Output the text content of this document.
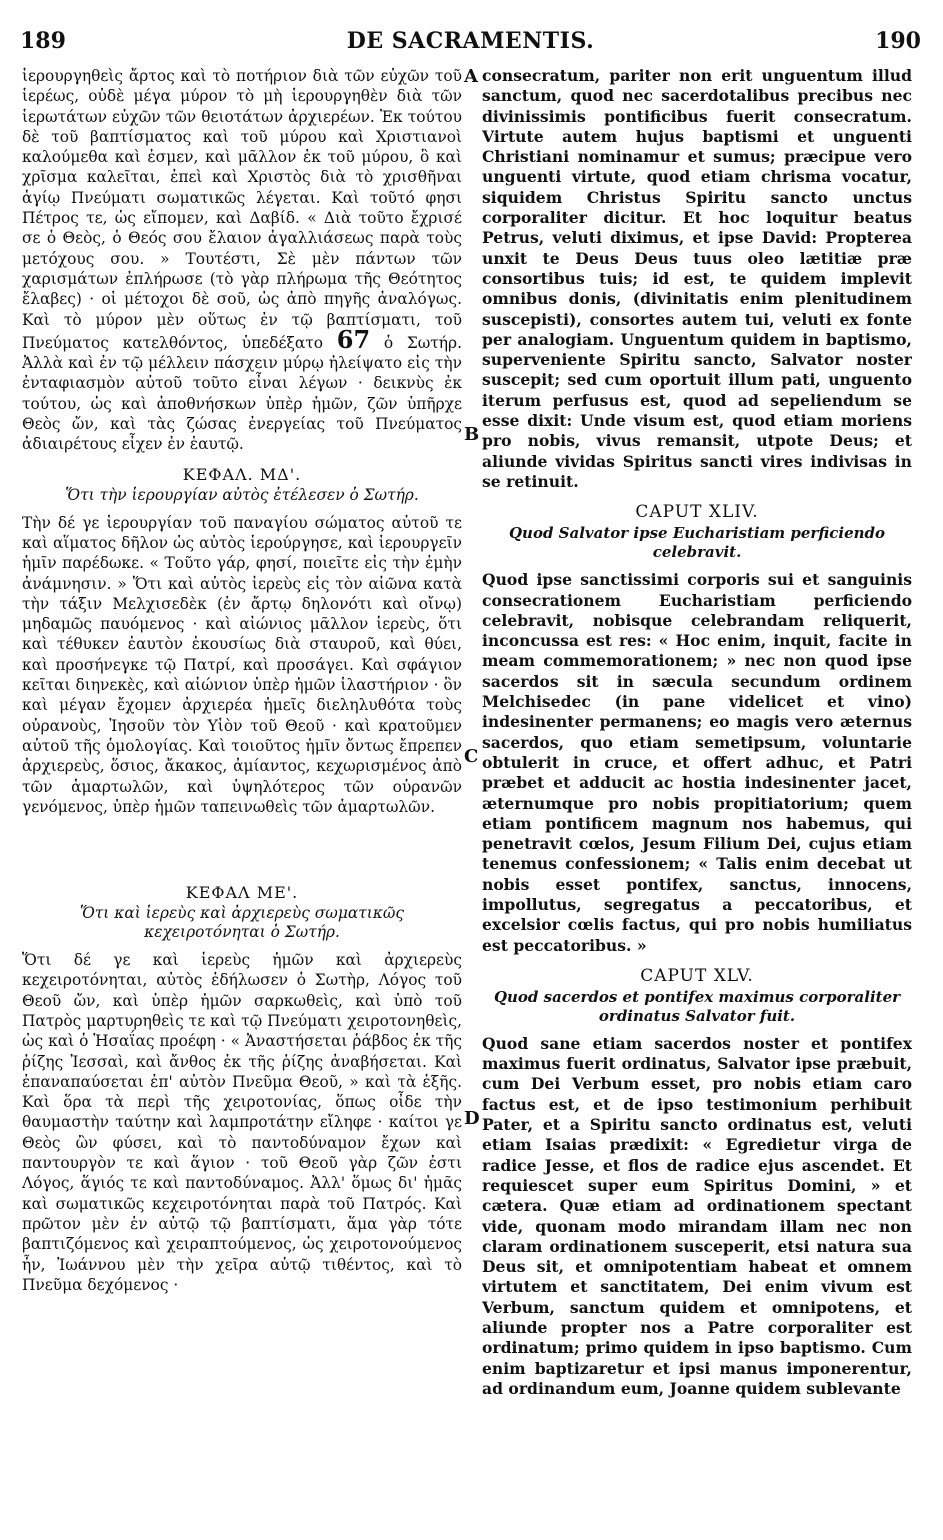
189	DE SACRAMENTIS.	190
A
B
C
D

ἱερουργηθεὶς ἄρτος καὶ τὸ ποτήριον διὰ τῶν εὐχῶν τοῦ ἱερέως, οὐδὲ μέγα μύρον τὸ μὴ ἱερουργηθὲν διὰ τῶν ἱερωτάτων εὐχῶν τῶν θειοτάτων ἀρχιερέων. Ἐκ τούτου δὲ τοῦ βαπτίσματος καὶ τοῦ μύρου καὶ Χριστιανοὶ καλούμεθα καὶ ἐσμεν, καὶ μᾶλλον ἐκ τοῦ μύρου, ὃ καὶ χρῖσμα καλεῖται, ἐπεὶ καὶ Χριστὸς διὰ τὸ χρισθῆναι ἁγίῳ Πνεύματι σωματικῶς λέγεται. Καὶ τοῦτό φησι Πέτρος τε, ὡς εἴπομεν, καὶ Δαβίδ. « Διὰ τοῦτο ἔχρισέ σε ὁ Θεὸς, ὁ Θεός σου ἔλαιον ἀγαλλιάσεως παρὰ τοὺς μετόχους σου. » Τουτέστι, Σὲ μὲν πάντων τῶν χαρισμάτων ἐπλήρωσε (τὸ γὰρ πλήρωμα τῆς Θεότητος ἔλαβες) · οἱ μέτοχοι δὲ σοῦ, ὡς ἀπὸ πηγῆς ἀναλόγως. Καὶ τὸ μύρον μὲν οὕτως ἐν τῷ βαπτίσματι, τοῦ Πνεύματος κατελθόντος, ὑπεδέξατο 67 ὁ Σωτήρ. Ἀλλὰ καὶ ἐν τῷ μέλλειν πάσχειν μύρῳ ἠλείψατο εἰς τὴν ἐνταφιασμὸν αὐτοῦ τοῦτο εἶναι λέγων · δεικνὺς ἐκ τούτου, ὡς καὶ ἀποθνήσκων ὑπὲρ ἡμῶν, ζῶν ὑπῆρχε Θεὸς ὤν, καὶ τὰς ζώσας ἐνεργείας τοῦ Πνεύματος ἀδιαιρέτους εἶχεν ἐν ἑαυτῷ.

ΚΕΦΑΛ. ΜΔ'.
Ὅτι τὴν ἱερουργίαν αὐτὸς ἐτέλεσεν ὁ Σωτήρ.

Τὴν δέ γε ἱερουργίαν τοῦ παναγίου σώματος αὐτοῦ τε καὶ αἵματος δῆλον ὡς αὐτὸς ἱερούργησε, καὶ ἱερουργεῖν ἡμῖν παρέδωκε. « Τοῦτο γάρ, φησί, ποιεῖτε εἰς τὴν ἐμὴν ἀνάμνησιν. » Ὅτι καὶ αὐτὸς ἱερεὺς εἰς τὸν αἰῶνα κατὰ τὴν τάξιν Μελχισεδὲκ (ἐν ἄρτῳ δηλονότι καὶ οἴνῳ) μηδαμῶς παυόμενος · καὶ αἰώνιος μᾶλλον ἱερεὺς, ὅτι καὶ τέθυκεν ἑαυτὸν ἑκουσίως διὰ σταυροῦ, καὶ θύει, καὶ προσήνεγκε τῷ Πατρί, καὶ προσάγει. Καὶ σφάγιον κεῖται διηνεκὲς, καὶ αἰώνιον ὑπὲρ ἡμῶν ἱλαστήριον · ὃν καὶ μέγαν ἔχομεν ἀρχιερέα ἡμεῖς διεληλυθότα τοὺς οὐρανοὺς, Ἰησοῦν τὸν Υἱὸν τοῦ Θεοῦ · καὶ κρατοῦμεν αὐτοῦ τῆς ὁμολογίας. Καὶ τοιοῦτος ἡμῖν ὄντως ἔπρεπεν ἀρχιερεὺς, ὅσιος, ἄκακος, ἀμίαντος, κεχωρισμένος ἀπὸ τῶν ἁμαρτωλῶν, καὶ ὑψηλότερος τῶν οὐρανῶν γενόμενος, ὑπὲρ ἡμῶν ταπεινωθεὶς τῶν ἁμαρτωλῶν.

ΚΕΦΑΛ ΜΕ'.
Ὅτι καὶ ἱερεὺς καὶ ἀρχιερεὺς σωματικῶς κεχειροτόνηται ὁ Σωτήρ.

Ὅτι δέ γε καὶ ἱερεὺς ἡμῶν καὶ ἀρχιερεὺς κεχειροτόνηται, αὐτὸς ἐδήλωσεν ὁ Σωτὴρ, Λόγος τοῦ Θεοῦ ὤν, καὶ ὑπὲρ ἡμῶν σαρκωθεὶς, καὶ ὑπὸ τοῦ Πατρὸς μαρτυρηθεὶς τε καὶ τῷ Πνεύματι χειροτονηθεὶς, ὡς καὶ ὁ Ἡσαΐας προέφη · « Ἀναστήσεται ῥάβδος ἐκ τῆς ῥίζης Ἰεσσαὶ, καὶ ἄνθος ἐκ τῆς ῥίζης ἀναβήσεται. Καὶ ἐπαναπαύσεται ἐπ' αὐτὸν Πνεῦμα Θεοῦ, » καὶ τὰ ἑξῆς. Καὶ ὅρα τὰ περὶ τῆς χειροτονίας, ὅπως οἶδε τὴν θαυμαστὴν ταύτην καὶ λαμπροτάτην εἴληφε · καίτοι γε Θεὸς ὢν φύσει, καὶ τὸ παντοδύναμον ἔχων καὶ παντουργὸν τε καὶ ἅγιον · τοῦ Θεοῦ γὰρ ζῶν ἐστι Λόγος, ἅγιός τε καὶ παντοδύναμος. Ἀλλ' ὅμως δι' ἡμᾶς καὶ σωματικῶς κεχειροτόνηται παρὰ τοῦ Πατρός. Καὶ πρῶτον μὲν ἐν αὐτῷ τῷ βαπτίσματι, ἅμα γὰρ τότε βαπτιζόμενος καὶ χειραπτούμενος, ὡς χειροτονούμενος ἦν, Ἰωάννου μὲν τὴν χεῖρα αὐτῷ τιθέντος, καὶ τὸ Πνεῦμα δεχόμενος ·

consecratum, pariter non erit unguentum illud sanctum, quod nec sacerdotalibus precibus nec divinissimis pontificibus fuerit consecratum. Virtute autem hujus baptismi et unguenti Christiani nominamur et sumus; præcipue vero unguenti virtute, quod etiam chrisma vocatur, siquidem Christus Spiritu sancto unctus corporaliter dicitur. Et hoc loquitur beatus Petrus, veluti diximus, et ipse David: Propterea unxit te Deus Deus tuus oleo lætitiæ præ consortibus tuis; id est, te quidem implevit omnibus donis, (divinitatis enim plenitudinem suscepisti), consortes autem tui, veluti ex fonte per analogiam. Unguentum quidem in baptismo, superveniente Spiritu sancto, Salvator noster suscepit; sed cum oportuit illum pati, unguento iterum perfusus est, quod ad sepeliendum se esse dixit: Unde visum est, quod etiam moriens pro nobis, vivus remansit, utpote Deus; et aliunde vividas Spiritus sancti vires indivisas in se retinuit.

CAPUT XLIV.
Quod Salvator ipse Eucharistiam perficiendo celebravit.

Quod ipse sanctissimi corporis sui et sanguinis consecrationem Eucharistiam perficiendo celebravit, nobisque celebrandam reliquerit, inconcussa est res: « Hoc enim, inquit, facite in meam commemorationem; » nec non quod ipse sacerdos sit in sæcula secundum ordinem Melchisedec (in pane videlicet et vino) indesinenter permanens; eo magis vero æternus sacerdos, quo etiam semetipsum, voluntarie obtulerit in cruce, et offert adhuc, et Patri præbet et adducit ac hostia indesinenter jacet, æternumque pro nobis propitiatorium; quem etiam pontificem magnum nos habemus, qui penetravit cœlos, Jesum Filium Dei, cujus etiam tenemus confessionem; « Talis enim decebat ut nobis esset pontifex, sanctus, innocens, impollutus, segregatus a peccatoribus, et excelsior cœlis factus, qui pro nobis humiliatus est peccatoribus. »

CAPUT XLV.
Quod sacerdos et pontifex maximus corporaliter ordinatus Salvator fuit.

Quod sane etiam sacerdos noster et pontifex maximus fuerit ordinatus, Salvator ipse præbuit, cum Dei Verbum esset, pro nobis etiam caro factus est, et de ipso testimonium perhibuit Pater, et a Spiritu sancto ordinatus est, veluti etiam Isaias prædixit: « Egredietur virga de radice Jesse, et flos de radice ejus ascendet. Et requiescet super eum Spiritus Domini, » et cætera. Quæ etiam ad ordinationem spectant vide, quonam modo mirandam illam nec non claram ordinationem susceperit, etsi natura sua Deus sit, et omnipotentiam habeat et omnem virtutem et sanctitatem, Dei enim vivum est Verbum, sanctum quidem et omnipotens, et aliunde propter nos a Patre corporaliter est ordinatum; primo quidem in ipso baptismo. Cum enim baptizaretur et ipsi manus imponerentur, ad ordinandum eum, Joanne quidem sublevante
